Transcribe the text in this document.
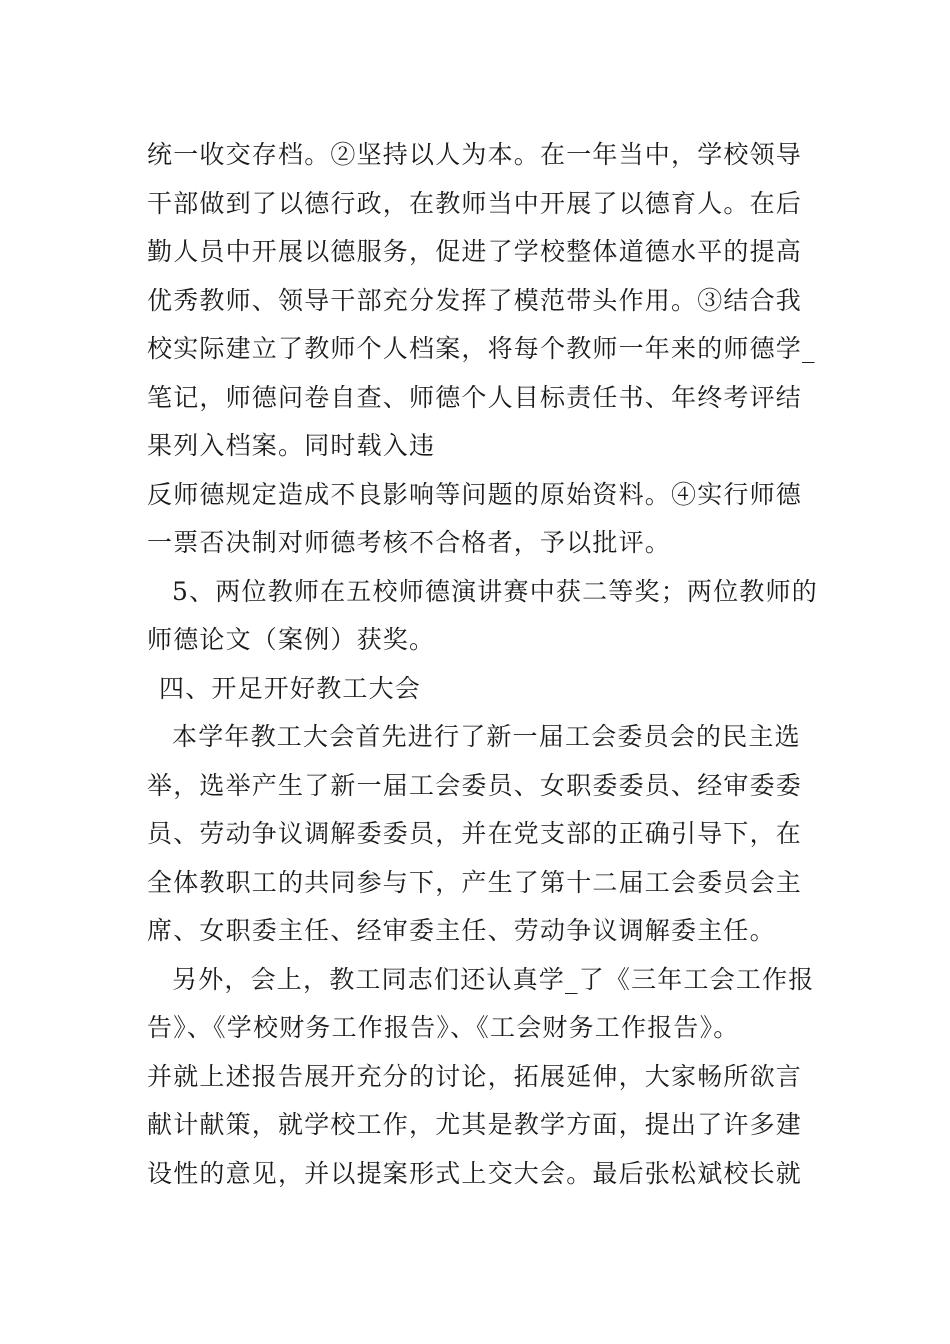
统一收交存档。②坚持以人为本。在一年当中，学校领导
干部做到了以德行政，在教师当中开展了以德育人。在后
勤人员中开展以德服务，促进了学校整体道德水平的提高
优秀教师、领导干部充分发挥了模范带头作用。③结合我
校实际建立了教师个人档案，将每个教师一年来的师德学_
笔记，师德问卷自查、师德个人目标责任书、年终考评结
果列入档案。同时载入违
反师德规定造成不良影响等问题的原始资料。④实行师德
一票否决制对师德考核不合格者，予以批评。
5、两位教师在五校师德演讲赛中获二等奖；两位教师的
师德论文（案例）获奖。
四、开足开好教工大会
本学年教工大会首先进行了新一届工会委员会的民主选
举，选举产生了新一届工会委员、女职委委员、经审委委
员、劳动争议调解委委员，并在党支部的正确引导下，在
全体教职工的共同参与下，产生了第十二届工会委员会主
席、女职委主任、经审委主任、劳动争议调解委主任。
另外，会上，教工同志们还认真学_了《三年工会工作报
告》、《学校财务工作报告》、《工会财务工作报告》。
并就上述报告展开充分的讨论，拓展延伸，大家畅所欲言
献计献策，就学校工作，尤其是教学方面，提出了许多建
设性的意见，并以提案形式上交大会。最后张松斌校长就
